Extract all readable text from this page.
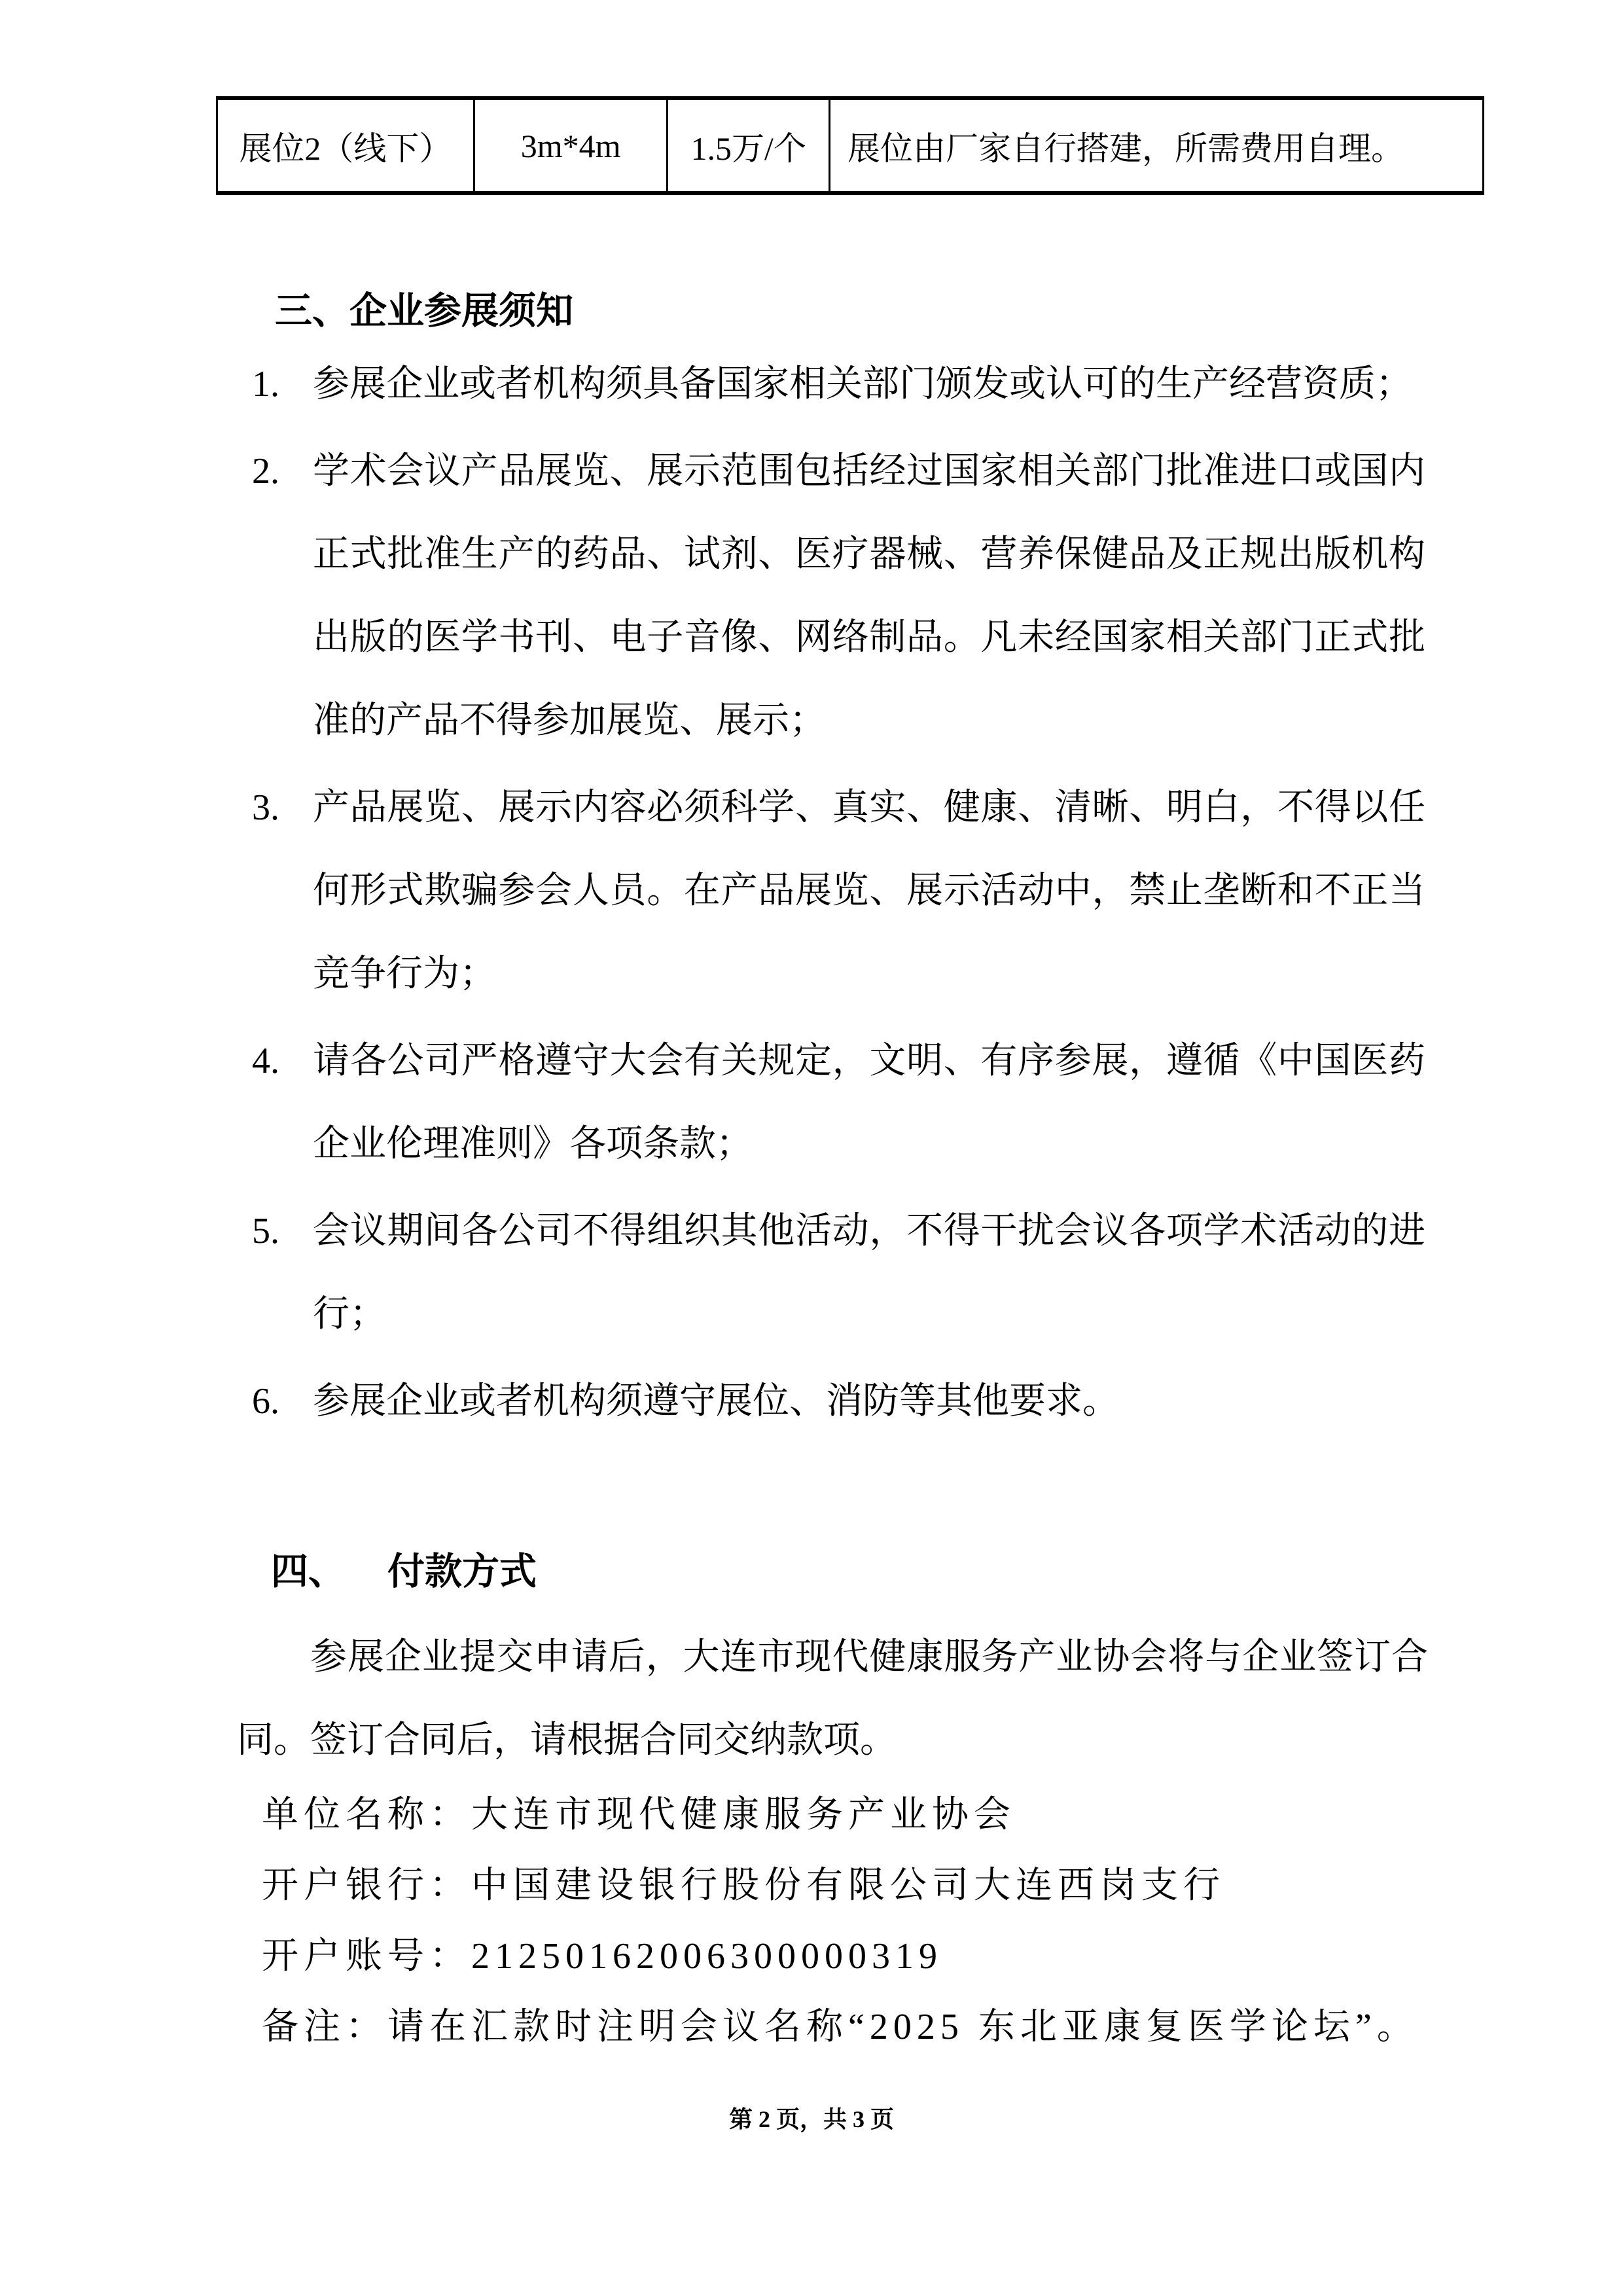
展位2（线下）	3m*4m	1.5万/个	展位由厂家自行搭建，所需费用自理。
三、企业参展须知
1. 参展企业或者机构须具备国家相关部门颁发或认可的生产经营资质；
2. 学术会议产品展览、展示范围包括经过国家相关部门批准进口或国内正式批准生产的药品、试剂、医疗器械、营养保健品及正规出版机构出版的医学书刊、电子音像、网络制品。凡未经国家相关部门正式批准的产品不得参加展览、展示；
3. 产品展览、展示内容必须科学、真实、健康、清晰、明白，不得以任何形式欺骗参会人员。在产品展览、展示活动中，禁止垄断和不正当竞争行为；
4. 请各公司严格遵守大会有关规定，文明、有序参展，遵循《中国医药企业伦理准则》各项条款；
5. 会议期间各公司不得组织其他活动，不得干扰会议各项学术活动的进行；
6. 参展企业或者机构须遵守展位、消防等其他要求。
四、 付款方式

参展企业提交申请后，大连市现代健康服务产业协会将与企业签订合同。签订合同后，请根据合同交纳款项。

单位名称：大连市现代健康服务产业协会
开户银行：中国建设银行股份有限公司大连西岗支行
开户账号：21250162006300000319
备注：请在汇款时注明会议名称“2025 东北亚康复医学论坛”。
第 2 页，共 3 页
